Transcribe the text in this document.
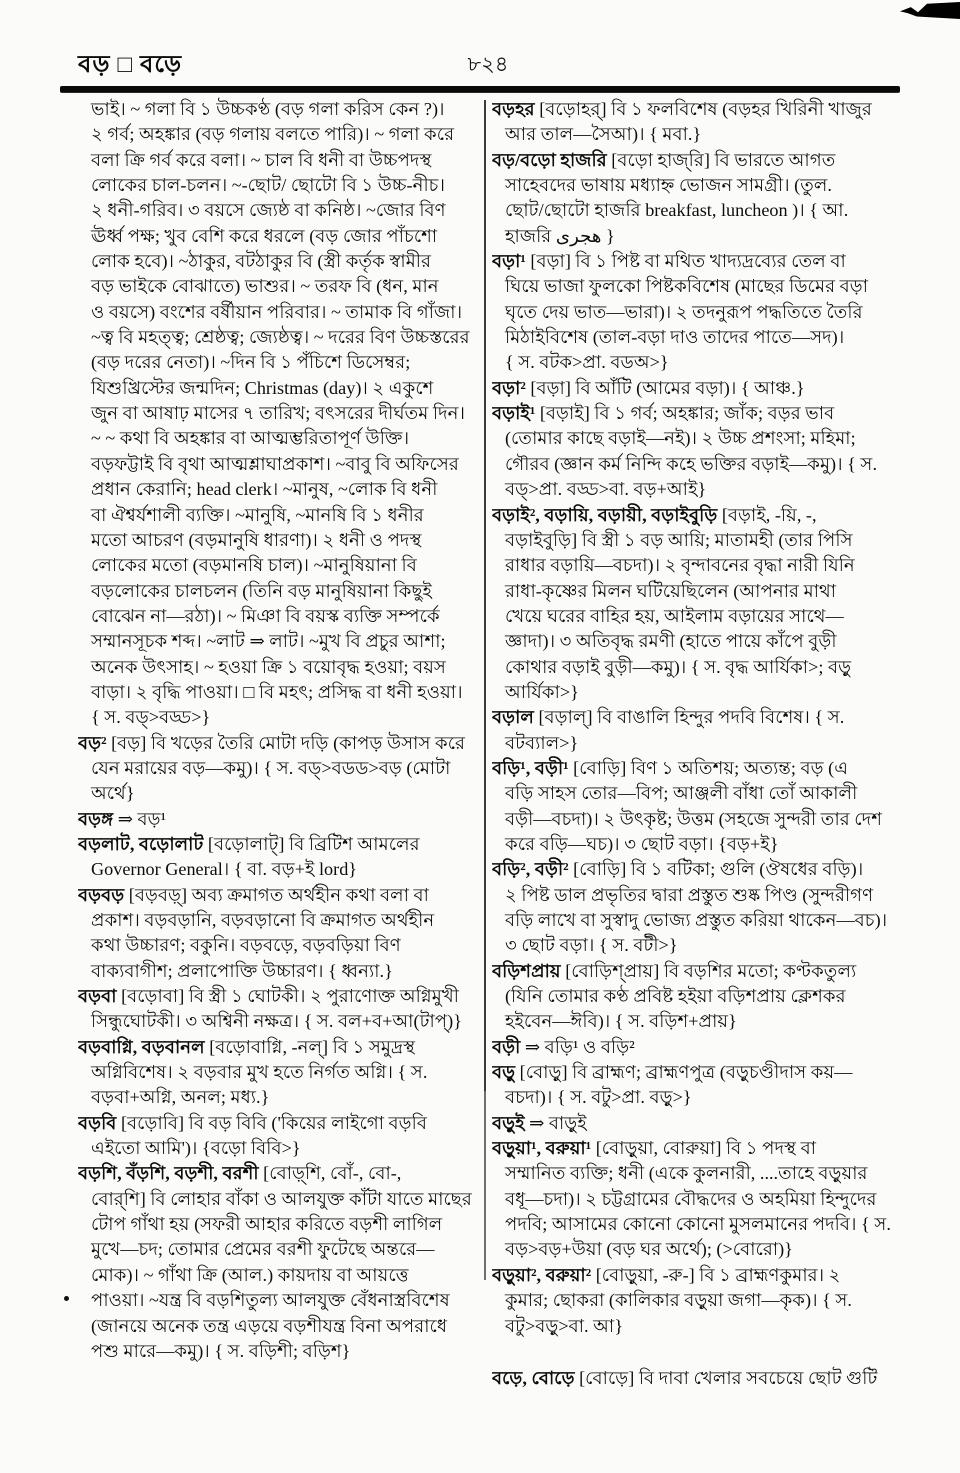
বড় □ বড়ে	৮২৪
ভাই। ~ গলা বি ১ উচ্চকণ্ঠ (বড় গলা করিস কেন ?)।
২ গর্ব; অহঙ্কার (বড় গলায় বলতে পারি)। ~ গলা করে
বলা ক্রি গর্ব করে বলা। ~ চাল বি ধনী বা উচ্চপদস্থ
লোকের চাল-চলন। ~-ছোট/ ছোটো বি ১ উচ্চ-নীচ।
২ ধনী-গরিব। ৩ বয়সে জ্যেষ্ঠ বা কনিষ্ঠ। ~জোর বিণ
ঊর্ধ্ব পক্ষ; খুব বেশি করে ধরলে (বড় জোর পাঁচশো
লোক হবে)। ~ঠাকুর, বটঠাকুর বি (স্ত্রী কর্তৃক স্বামীর
বড় ভাইকে বোঝাতে) ভাশুর। ~ তরফ বি (ধন, মান
ও বয়সে) বংশের বর্ষীয়ান পরিবার। ~ তামাক বি গাঁজা।
~ত্ব বি মহত্ত্ব; শ্রেষ্ঠত্ব; জ্যেষ্ঠত্ব। ~ দরের বিণ উচ্চস্তরের
(বড় দরের নেতা)। ~দিন বি ১ পঁচিশে ডিসেম্বর;
যিশুখ্রিস্টের জন্মদিন; Christmas (day)। ২ একুশে
জুন বা আষাঢ় মাসের ৭ তারিখ; বৎসরের দীর্ঘতম দিন।
~ ~ কথা বি অহঙ্কার বা আত্মম্ভরিতাপূর্ণ উক্তি।
বড়ফট্টাই বি বৃথা আত্মশ্লাঘাপ্রকাশ। ~বাবু বি অফিসের
প্রধান কেরানি; head clerk। ~মানুষ, ~লোক বি ধনী
বা ঐশ্বর্যশালী ব্যক্তি। ~মানুষি, ~মানষি বি ১ ধনীর
মতো আচরণ (বড়মানুষি ধারণা)। ২ ধনী ও পদস্থ
লোকের মতো (বড়মানষি চাল)। ~মানুষিয়ানা বি
বড়লোকের চালচলন (তিনি বড় মানুষিয়ানা কিছুই
বোঝেন না—রঠা)। ~ মিঞা বি বয়স্ক ব্যক্তি সম্পর্কে
সম্মানসূচক শব্দ। ~লাট ⇒ লাট। ~মুখ বি প্রচুর আশা;
অনেক উৎসাহ। ~ হওয়া ক্রি ১ বয়োবৃদ্ধ হওয়া; বয়স
বাড়া। ২ বৃদ্ধি পাওয়া। □ বি মহৎ; প্রসিদ্ধ বা ধনী হওয়া।
{ স. বড্>বড্ড>}
বড়² [বড়] বি খড়ের তৈরি মোটা দড়ি (কাপড় উসাস করে
যেন মরায়ের বড়—কমু)। { স. বড্>বডড>বড় (মোটা
অর্থে}
বড়ঙ্গ ⇒ বড়¹
বড়লাট, বড়োলাট [বড়োলাট্] বি ব্রিটিশ আমলের
Governor General। { বা. বড়+ই lord}
বড়বড় [বড়বড়্] অব্য ক্রমাগত অর্থহীন কথা বলা বা
প্রকাশ। বড়বড়ানি, বড়বড়ানো বি ক্রমাগত অর্থহীন
কথা উচ্চারণ; বকুনি। বড়বড়ে, বড়বড়িয়া বিণ
বাক্যবাগীশ; প্রলাপোক্তি উচ্চারণ। { ধ্বন্যা.}
বড়বা [বড়োবা] বি স্ত্রী ১ ঘোটকী। ২ পুরাণোক্ত অগ্নিমুখী
সিন্ধুঘোটকী। ৩ অশ্বিনী নক্ষত্র। { স. বল+ব+আ(টাপ্)}
বড়বাগ্নি, বড়বানল [বড়োবাগ্নি, -নল্] বি ১ সমুদ্রস্থ
অগ্নিবিশেষ। ২ বড়বার মুখ হতে নির্গত অগ্নি। { স.
বড়বা+অগ্নি, অনল; মধ্য.}
বড়বি [বড়োবি] বি বড় বিবি ('কিয়ের লাইগো বড়বি
এইতো আমি')। {বড়ো বিবি>}
বড়শি, বঁড়শি, বড়শী, বরশী [বোড়্‌শি, বোঁ-, বো-,
বোর্‌শি] বি লোহার বাঁকা ও আলযুক্ত কাঁটা যাতে মাছের
টোপ গাঁথা হয় (সফরী আহার করিতে বড়শী লাগিল
মুখে—চদ; তোমার প্রেমের বরশী ফুটেছে অন্তরে—
মোক)। ~ গাঁথা ক্রি (আল.) কায়দায় বা আয়ত্তে
পাওয়া। ~যন্ত্র বি বড়শিতুল্য আলযুক্ত বেঁধনাস্ত্রবিশেষ
(জানয়ে অনেক তন্ত্র এড়য়ে বড়শীযন্ত্র বিনা অপরাধে
পশু মারে—কমু)। { স. বড়িশী; বড়িশ}
বড়হর [বড়োহর্] বি ১ ফলবিশেষ (বড়হর খিরিনী খাজুর
আর তাল—সৈআ)। { মবা.}
বড়/বড়ো হাজরি [বড়ো হাজ্‌রি] বি ভারতে আগত
সাহেবদের ভাষায় মধ্যাহ্ন ভোজন সামগ্রী। (তুল.
ছোট/ছোটো হাজরি breakfast, luncheon )। { আ.
হাজরি هجرى }
বড়া¹ [বড়া] বি ১ পিষ্ট বা মথিত খাদ্যদ্রব্যের তেল বা
ঘিয়ে ভাজা ফুলকো পিষ্টকবিশেষ (মাছের ডিমের বড়া
ঘৃতে দেয় ভাত—ভারা)। ২ তদনুরূপ পদ্ধতিতে তৈরি
মিঠাইবিশেষ (তাল-বড়া দাও তাদের পাতে—সদ)।
{ স. বটক>প্রা. বডঅ>}
বড়া² [বড়া] বি আঁটি (আমের বড়া)। { আঞ্চ.}
বড়াই¹ [বড়াই] বি ১ গর্ব; অহঙ্কার; জাঁক; বড়র ভাব
(তোমার কাছে বড়াই—নই)। ২ উচ্চ প্রশংসা; মহিমা;
গৌরব (জ্ঞান কর্ম নিন্দি কহে ভক্তির বড়াই—কমু)। { স.
বড্>প্রা. বড্ড>বা. বড়+আই}
বড়াই², বড়ায়ি, বড়ায়ী, বড়াইবুড়ি [বড়াই, -য়ি, -,
বড়াইবুড়ি] বি স্ত্রী ১ বড় আয়ি; মাতামহী (তার পিসি
রাধার বড়ায়ি—বচদা)। ২ বৃন্দাবনের বৃদ্ধা নারী যিনি
রাধা-কৃষ্ণের মিলন ঘটিয়েছিলেন (আপনার মাথা
খেয়ে ঘরের বাহির হয়, আইলাম বড়ায়ের সাথে—
জ্ঞাদা)। ৩ অতিবৃদ্ধ রমণী (হাতে পায়ে কাঁপে বুড়ী
কোথার বড়াই বুড়ী—কমু)। { স. বৃদ্ধ আর্যিকা>; বড়ু
আর্যিকা>}
বড়াল [বড়াল্] বি বাঙালি হিন্দুর পদবি বিশেষ। { স.
বটব্যাল>}
বড়ি¹, বড়ী¹ [বোড়ি] বিণ ১ অতিশয়; অত্যন্ত; বড় (এ
বড়ি সাহস তোর—বিপ; আঞ্জলী বাঁধা তোঁ আকালী
বড়ী—বচদা)। ২ উৎকৃষ্ট; উত্তম (সহজে সুন্দরী তার দেশ
করে বড়ি—ঘচ)। ৩ ছোট বড়া। {বড়+ই}
বড়ি², বড়ী² [বোড়ি] বি ১ বটিকা; গুলি (ঔষধের বড়ি)।
২ পিষ্ট ডাল প্রভৃতির দ্বারা প্রস্তুত শুষ্ক পিণ্ড (সুন্দরীগণ
বড়ি লাখে বা সুস্বাদু ভোজ্য প্রস্তুত করিয়া থাকেন—বচ)।
৩ ছোট বড়া। { স. বটী>}
বড়িশপ্রায় [বোড়িশ্‌প্রায়] বি বড়শির মতো; কণ্টকতুল্য
(যিনি তোমার কণ্ঠ প্রবিষ্ট হইয়া বড়িশপ্রায় ক্লেশকর
হইবেন—ঈবি)। { স. বড়িশ+প্রায়}
বড়ী ⇒ বড়ি¹ ও বড়ি²
বড়ু [বোড়ু] বি ব্রাহ্মণ; ব্রাহ্মণপুত্র (বড়ুচণ্ডীদাস কয়—
বচদা)। { স. বটু>প্রা. বড়ু>}
বড়ুই ⇒ বাড়ুই
বড়ুয়া¹, বরুয়া¹ [বোড়ুয়া, বোরুয়া] বি ১ পদস্থ বা
সম্মানিত ব্যক্তি; ধনী (একে কুলনারী, ....তাহে বড়ুয়ার
বধূ—চদা)। ২ চট্টগ্রামের বৌদ্ধদের ও অহমিয়া হিন্দুদের
পদবি; আসামের কোনো কোনো মুসলমানের পদবি। { স.
বড়>বড়+উয়া (বড় ঘর অর্থে); (>বোরো)}
বড়ুয়া², বরুয়া² [বোড়ুয়া, -রু-] বি ১ ব্রাহ্মণকুমার। ২
কুমার; ছোকরা (কালিকার বড়ুয়া জগা—কৃক)। { স.
বটু>বড়ু>বা. আ}
বড়ে, বোড়ে [বোড়ে] বি দাবা খেলার সবচেয়ে ছোট গুটি
